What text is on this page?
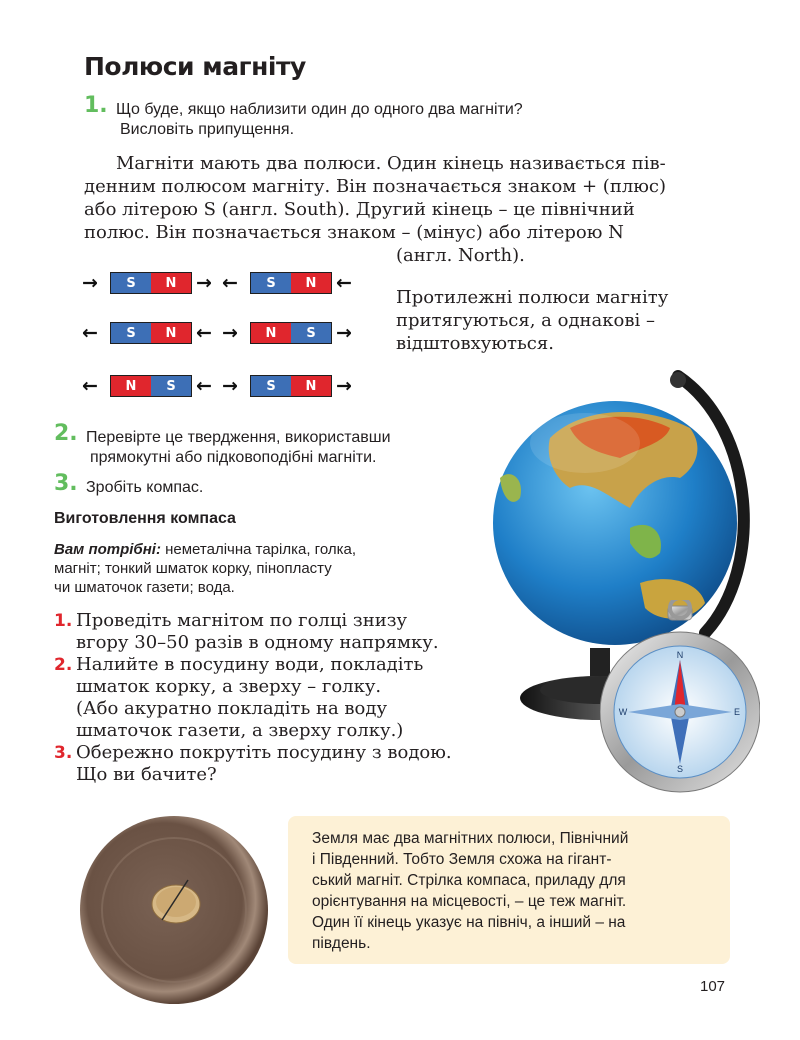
Полюси магніту
1. Що буде, якщо наблизити один до одного два магніти?
Висловіть припущення.

Магніти мають два полюси. Один кінець називається пів-

денним полюсом магніту. Він позначається знаком + (плюс)
або літерою S (англ. South). Другий кінець – це північний
полюс. Він позначається знаком – (мінус) або літерою N
(англ. North).
Протилежні полюси магніту
притягуються, а однакові –
відштовхуються.
→	S	N	→ ←	S	N	←
←	S	N	← →	N	S	→
←	N	S	← →	S	N	→
2. Перевірте це твердження, використавши
прямокутні або підковоподібні магніти.
3. Зробіть компас.
Виготовлення компаса
Вам потрібні: неметалічна тарілка, голка,
магніт; тонкий шматок корку, пінопласту
чи шматочок газети; вода.
1. Проведіть магнітом по голці знизу
вгору 30–50 разів в одному напрямку.
2. Налийте в посудину води, покладіть
шматок корку, а зверху – голку.
(Або акуратно покладіть на воду
шматочок газети, а зверху голку.)
3. Обережно покрутіть посудину з водою.
Що ви бачите?
N
S
E
W
Земля має два магнітних полюси, Північний
і Південний. Тобто Земля схожа на гігант-
ський магніт. Стрілка компаса, приладу для
орієнтування на місцевості, – це теж магніт.
Один її кінець указує на північ, а інший – на
південь.
107
